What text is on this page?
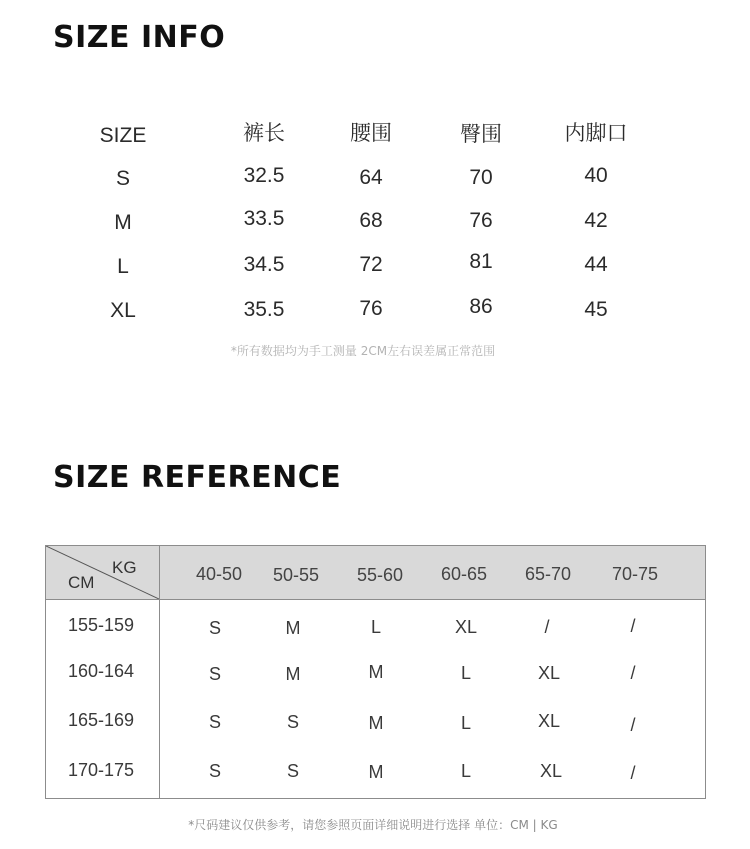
SIZE INFO
SIZE	裤长	腰围	臀围	内脚口
S	32.5	64	70	40
M	33.5	68	76	42
L	34.5	72	81	44
XL	35.5	76	86	45
*所有数据均为手工测量 2CM左右误差属正常范围
SIZE REFERENCE
KG
CM	40-50	50-55	55-60	60-65	65-70	70-75
155-159	S	M	L	XL	/	/
160-164	S	M	M	L	XL	/
165-169	S	S	M	L	XL	/
170-175	S	S	M	L	XL	/
*尺码建议仅供参考，请您参照页面详细说明进行选择 单位：CM | KG
